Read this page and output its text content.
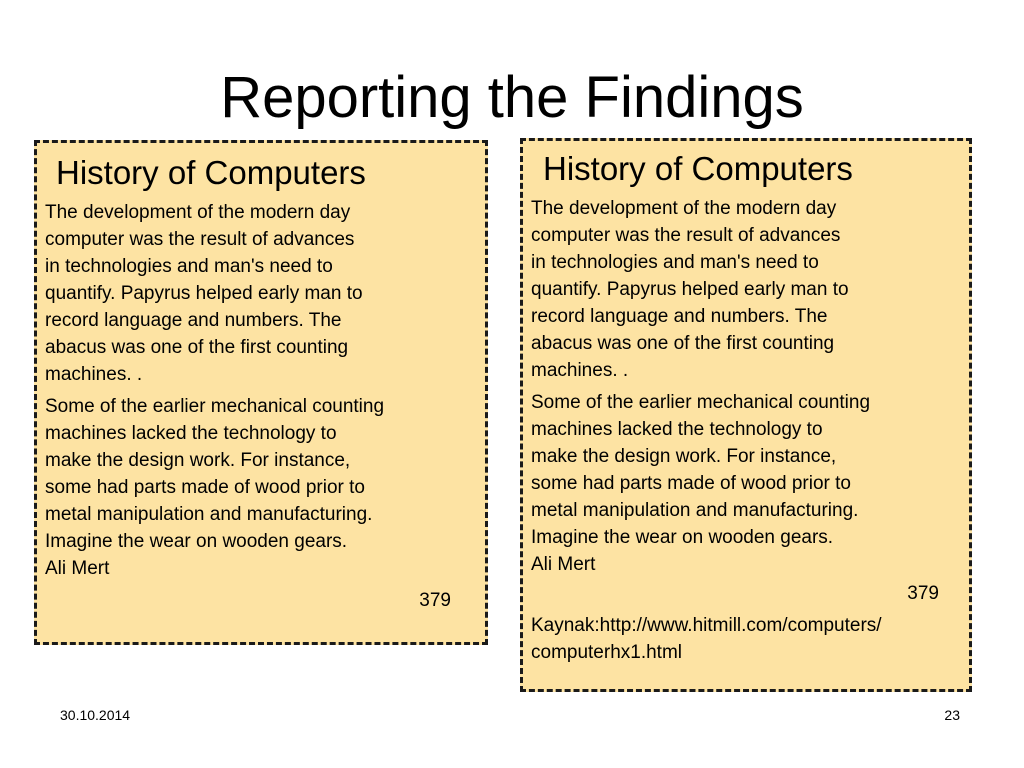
Reporting the Findings
History of Computers
The development of the modern day
computer was the result of advances
in technologies and man's need to
quantify. Papyrus helped early man to
record language and numbers. The
abacus was one of the first counting
machines. .
Some of the earlier mechanical counting
machines lacked the technology to
make the design work. For instance,
some had parts made of wood prior to
metal manipulation and manufacturing.
Imagine the wear on wooden gears.
Ali Mert
379
History of Computers
The development of the modern day
computer was the result of advances
in technologies and man's need to
quantify. Papyrus helped early man to
record language and numbers. The
abacus was one of the first counting
machines. .
Some of the earlier mechanical counting
machines lacked the technology to
make the design work. For instance,
some had parts made of wood prior to
metal manipulation and manufacturing.
Imagine the wear on wooden gears.
Ali Mert
379
Kaynak:http://www.hitmill.com/computers/
computerhx1.html
30.10.2014	23
